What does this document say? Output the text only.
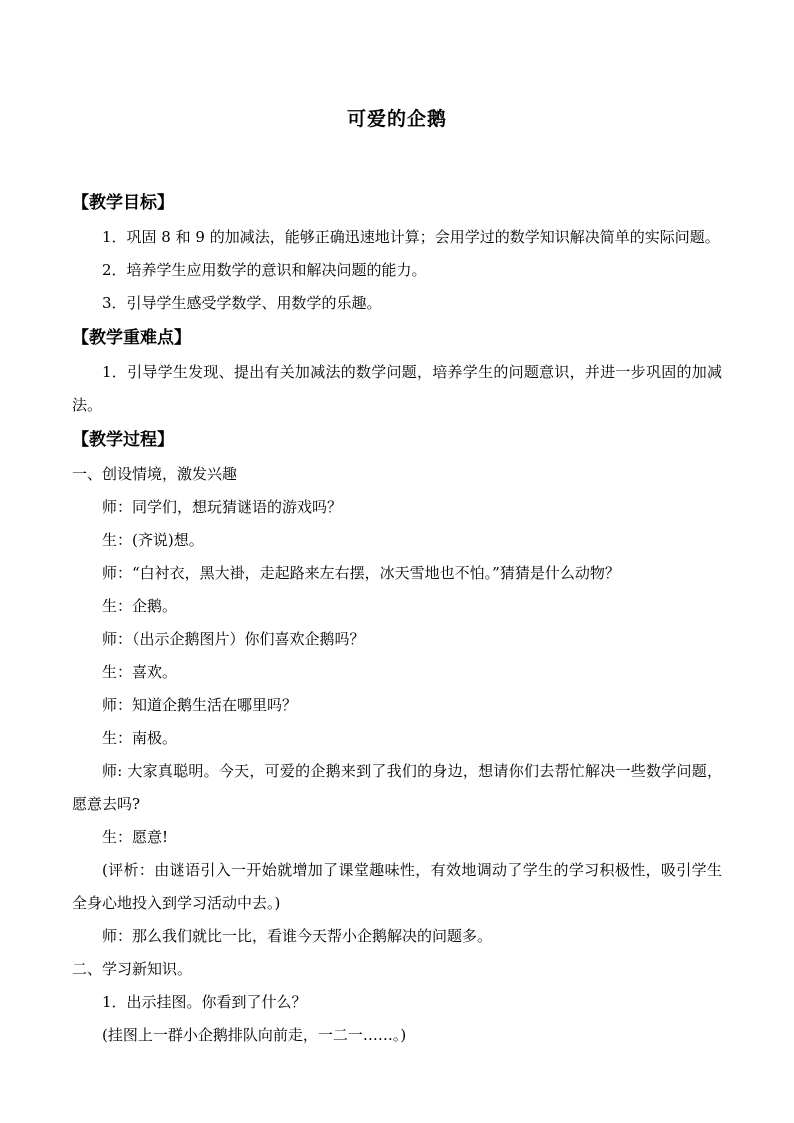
可爱的企鹅
【教学目标】

1．巩固 8 和 9 的加减法，能够正确迅速地计算；会用学过的数学知识解决简单的实际问题。

2．培养学生应用数学的意识和解决问题的能力。

3．引导学生感受学数学、用数学的乐趣。

【教学重难点】

1．引导学生发现、提出有关加减法的数学问题，培养学生的问题意识，并进一步巩固的加减法。

【教学过程】

一、创设情境，激发兴趣

师：同学们，想玩猜谜语的游戏吗？

生：(齐说)想。

师：“白衬衣，黑大褂，走起路来左右摆，冰天雪地也不怕。”猜猜是什么动物？

生：企鹅。

师：（出示企鹅图片）你们喜欢企鹅吗？

生：喜欢。

师：知道企鹅生活在哪里吗？

生：南极。

师: 大家真聪明。今天，可爱的企鹅来到了我们的身边，想请你们去帮忙解决一些数学问题，愿意去吗?

生：愿意!

(评析：由谜语引入一开始就增加了课堂趣味性，有效地调动了学生的学习积极性，吸引学生全身心地投入到学习活动中去。)

师：那么我们就比一比，看谁今天帮小企鹅解决的问题多。

二、学习新知识。

1．出示挂图。你看到了什么？

(挂图上一群小企鹅排队向前走，一二一……。)
